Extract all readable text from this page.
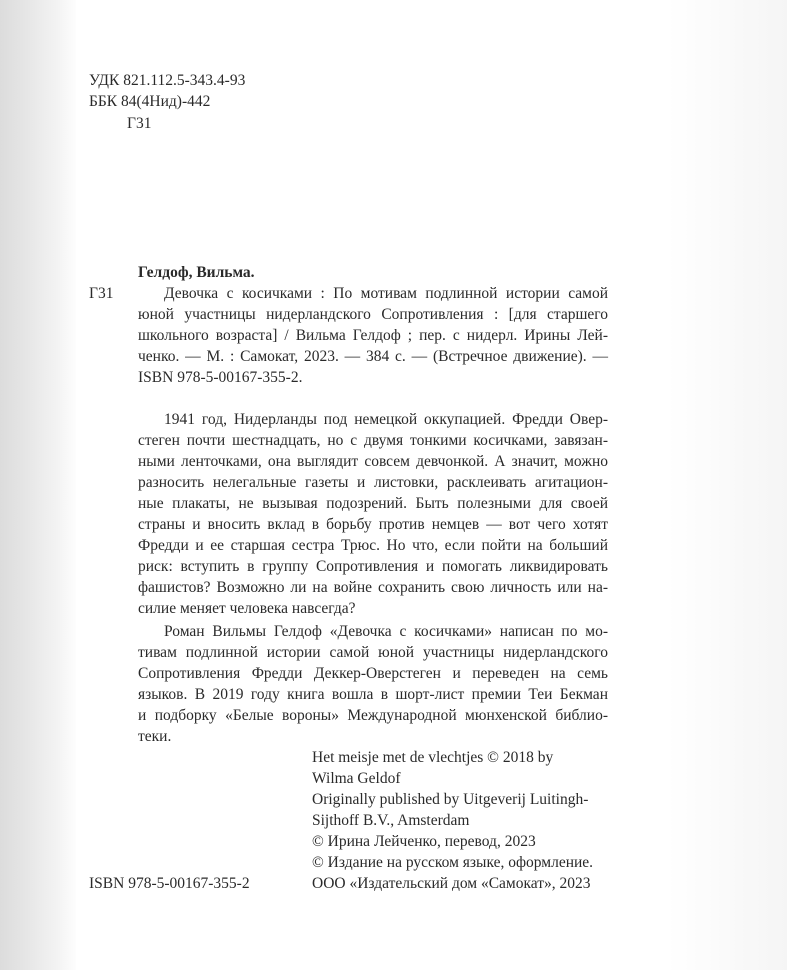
УДК 821.112.5-343.4-93
ББК 84(4Нид)-442
Г31
Гелдоф, Вильма.
Г31	Девочка с косичками : По мотивам подлинной истории самой
юной участницы нидерландского Сопротивления : [для старшего
школьного возраста] / Вильма Гелдоф ; пер. с нидерл. Ирины Лей-
ченко. — М. : Самокат, 2023. — 384 с. — (Встречное движение). —
ISBN 978-5-00167-355-2.
1941 год, Нидерланды под немецкой оккупацией. Фредди Овер-
стеген почти шестнадцать, но с двумя тонкими косичками, завязан-
ными ленточками, она выглядит совсем девчонкой. А значит, можно
разносить нелегальные газеты и листовки, расклеивать агитацион-
ные плакаты, не вызывая подозрений. Быть полезными для своей
страны и вносить вклад в борьбу против немцев — вот чего хотят
Фредди и ее старшая сестра Трюс. Но что, если пойти на больший
риск: вступить в группу Сопротивления и помогать ликвидировать
фашистов? Возможно ли на войне сохранить свою личность или на-
силие меняет человека навсегда?
Роман Вильмы Гелдоф «Девочка с косичками» написан по мо-
тивам подлинной истории самой юной участницы нидерландского
Сопротивления Фредди Деккер-Оверстеген и переведен на семь
языков. В 2019 году книга вошла в шорт-лист премии Теи Бекман
и подборку «Белые вороны» Международной мюнхенской библио-
теки.
Het meisje met de vlechtjes © 2018 by
Wilma Geldof
Originally published by Uitgeverij Luitingh-
Sijthoff B.V., Amsterdam
© Ирина Лейченко, перевод, 2023
© Издание на русском языке, оформление.
ООО «Издательский дом «Самокат», 2023
ISBN 978-5-00167-355-2
